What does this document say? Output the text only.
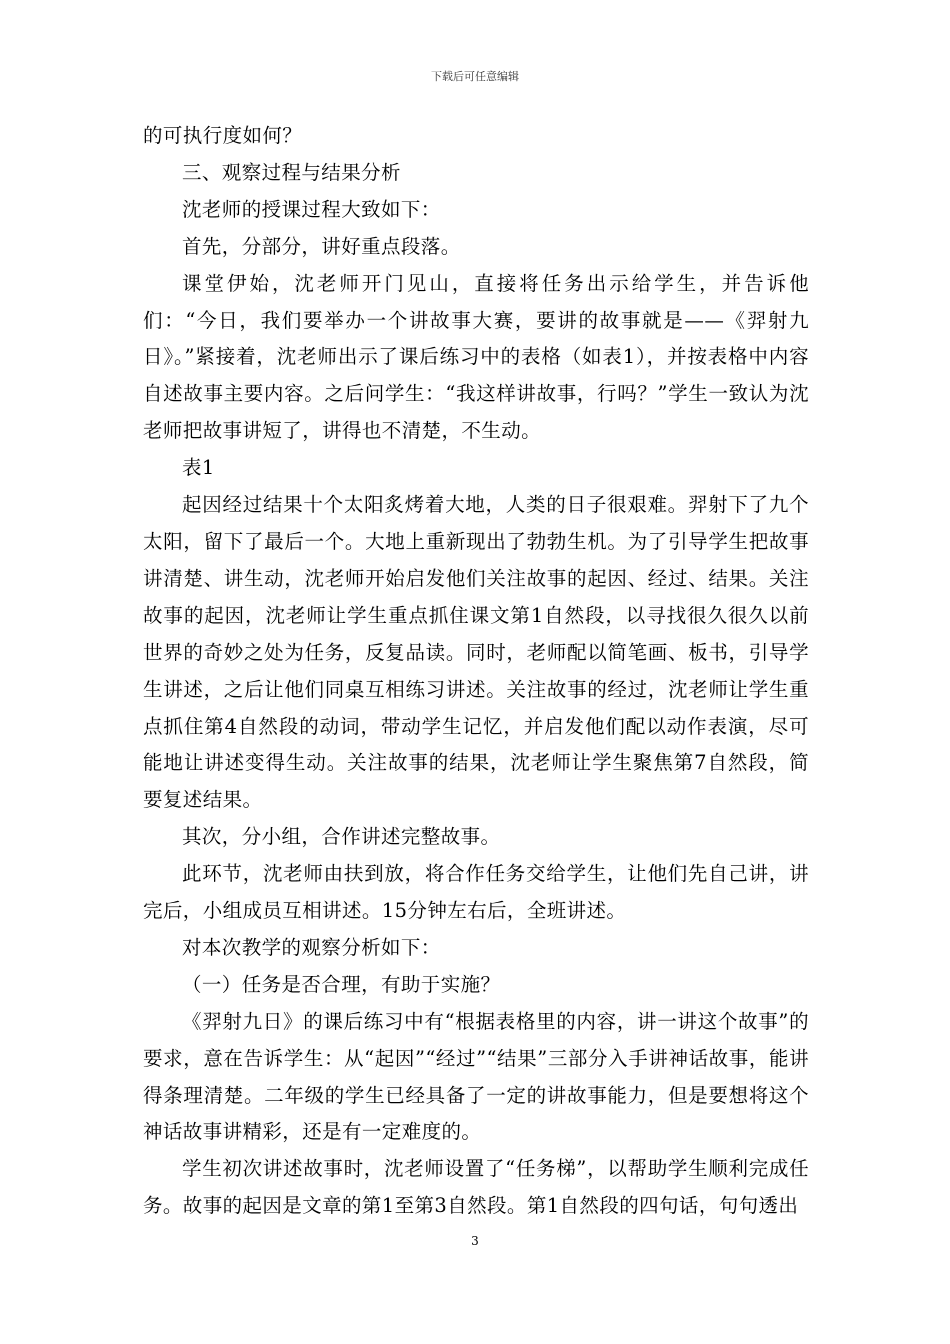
下载后可任意编辑

的可执行度如何？

三、观察过程与结果分析

沈老师的授课过程大致如下：

首先，分部分，讲好重点段落。

课堂伊始，沈老师开门见山，直接将任务出示给学生，并告诉他们：“今日，我们要举办一个讲故事大赛，要讲的故事就是——《羿射九日》。”紧接着，沈老师出示了课后练习中的表格（如表1），并按表格中内容自述故事主要内容。之后问学生：“我这样讲故事，行吗？”学生一致认为沈老师把故事讲短了，讲得也不清楚，不生动。

表1

起因经过结果十个太阳炙烤着大地，人类的日子很艰难。羿射下了九个太阳，留下了最后一个。大地上重新现出了勃勃生机。为了引导学生把故事讲清楚、讲生动，沈老师开始启发他们关注故事的起因、经过、结果。关注故事的起因，沈老师让学生重点抓住课文第1自然段，以寻找很久很久以前世界的奇妙之处为任务，反复品读。同时，老师配以简笔画、板书，引导学生讲述，之后让他们同桌互相练习讲述。关注故事的经过，沈老师让学生重点抓住第4自然段的动词，带动学生记忆，并启发他们配以动作表演，尽可能地让讲述变得生动。关注故事的结果，沈老师让学生聚焦第7自然段，简要复述结果。

其次，分小组，合作讲述完整故事。

此环节，沈老师由扶到放，将合作任务交给学生，让他们先自己讲，讲完后，小组成员互相讲述。15分钟左右后，全班讲述。

对本次教学的观察分析如下：

（一）任务是否合理，有助于实施？

《羿射九日》的课后练习中有“根据表格里的内容，讲一讲这个故事”的要求，意在告诉学生：从“起因”“经过”“结果”三部分入手讲神话故事，能讲得条理清楚。二年级的学生已经具备了一定的讲故事能力，但是要想将这个神话故事讲精彩，还是有一定难度的。

学生初次讲述故事时，沈老师设置了“任务梯”，以帮助学生顺利完成任务。故事的起因是文章的第1至第3自然段。第1自然段的四句话，句句透出

3
